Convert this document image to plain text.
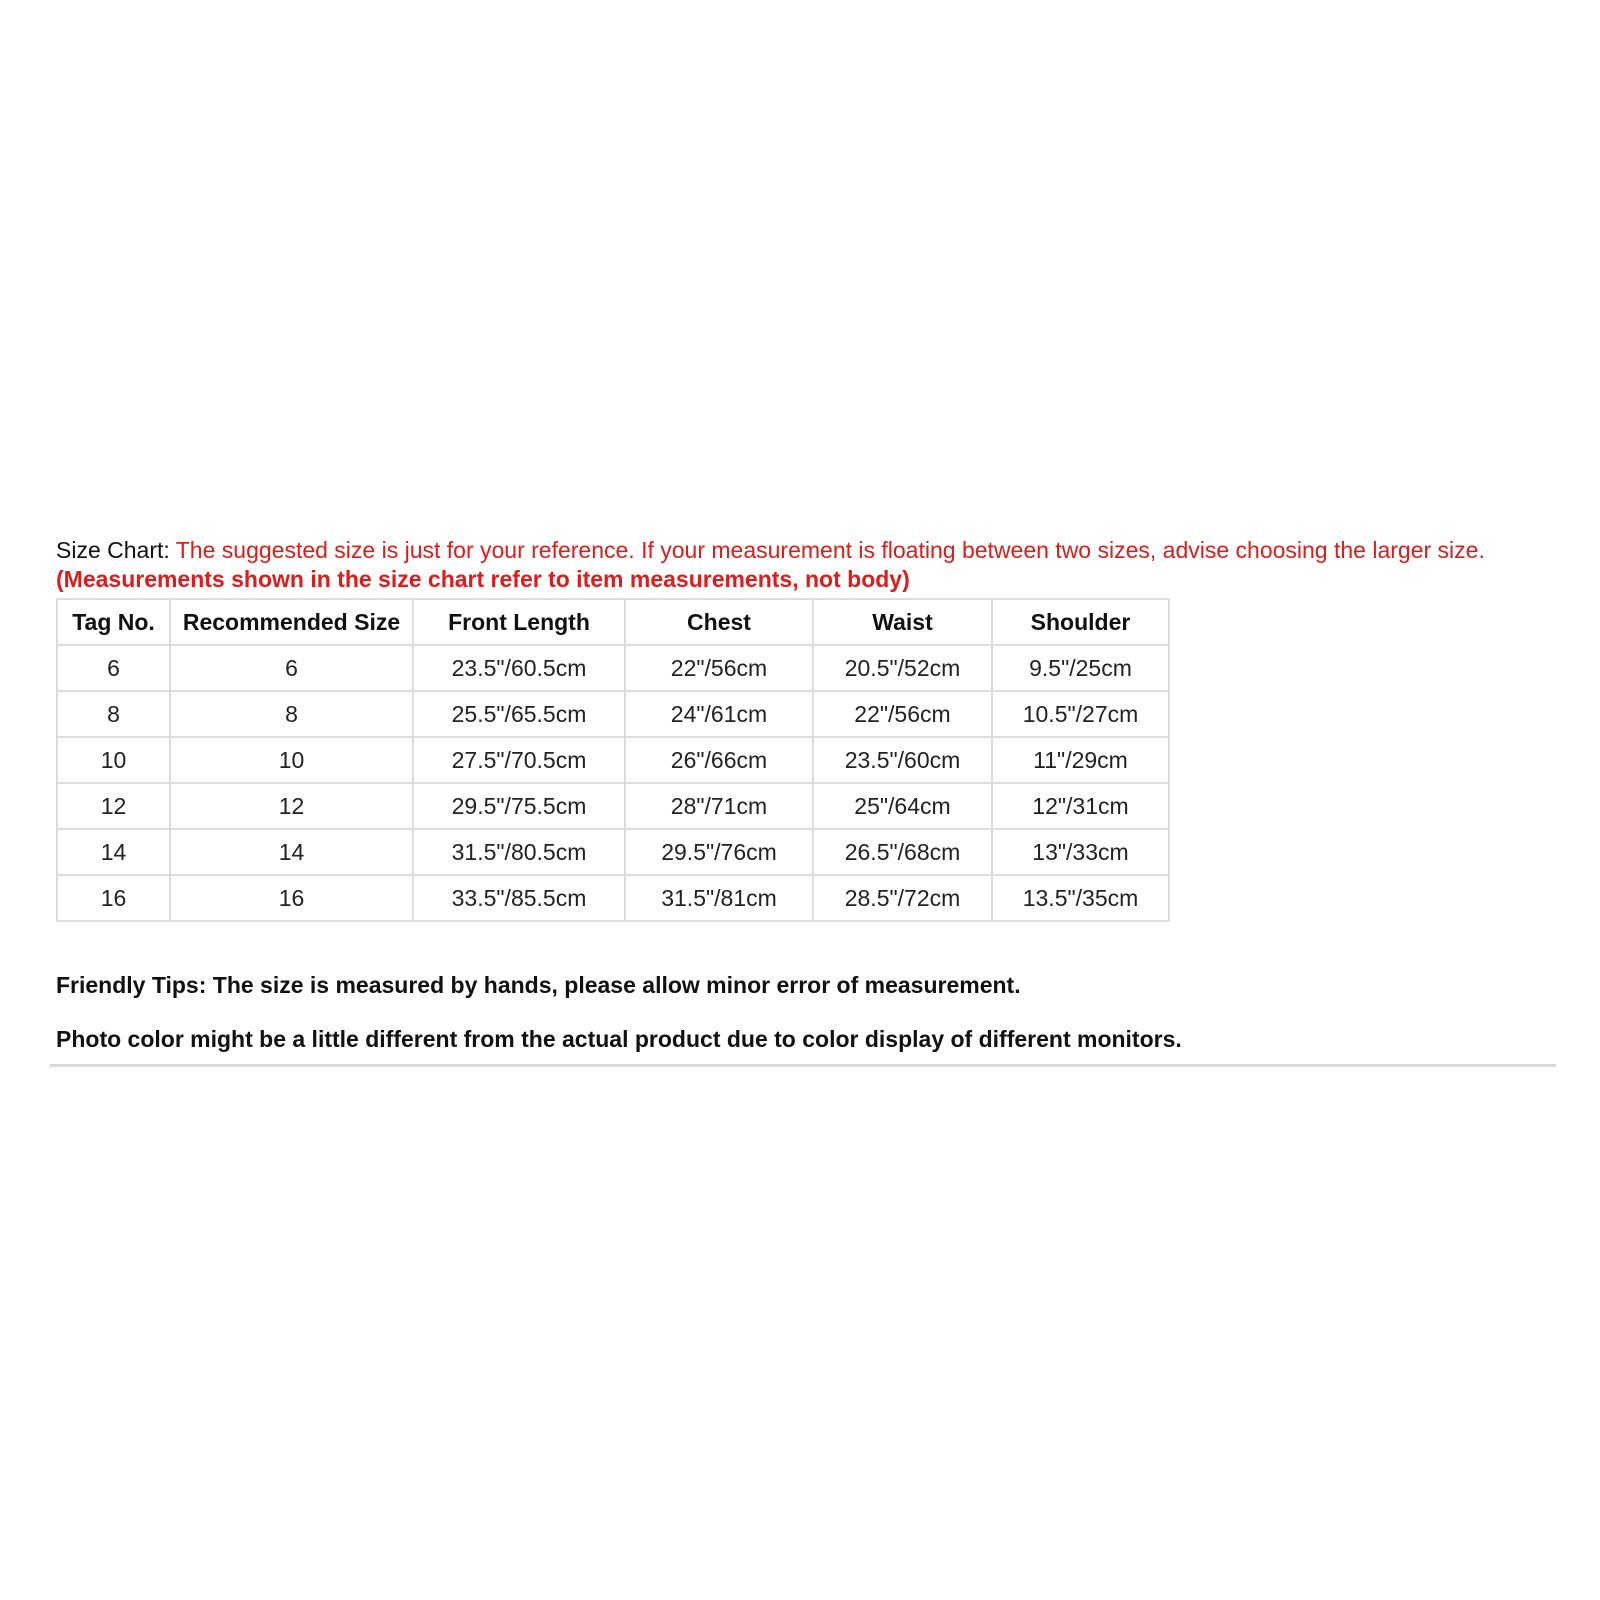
Size Chart: The suggested size is just for your reference. If your measurement is floating between two sizes, advise choosing the larger size. (Measurements shown in the size chart refer to item measurements, not body)

Tag No.	Recommended Size	Front Length	Chest	Waist	Shoulder
6	6	23.5"/60.5cm	22"/56cm	20.5"/52cm	9.5"/25cm
8	8	25.5"/65.5cm	24"/61cm	22"/56cm	10.5"/27cm
10	10	27.5"/70.5cm	26"/66cm	23.5"/60cm	11"/29cm
12	12	29.5"/75.5cm	28"/71cm	25"/64cm	12"/31cm
14	14	31.5"/80.5cm	29.5"/76cm	26.5"/68cm	13"/33cm
16	16	33.5"/85.5cm	31.5"/81cm	28.5"/72cm	13.5"/35cm

Friendly Tips: The size is measured by hands, please allow minor error of measurement.

Photo color might be a little different from the actual product due to color display of different monitors.
